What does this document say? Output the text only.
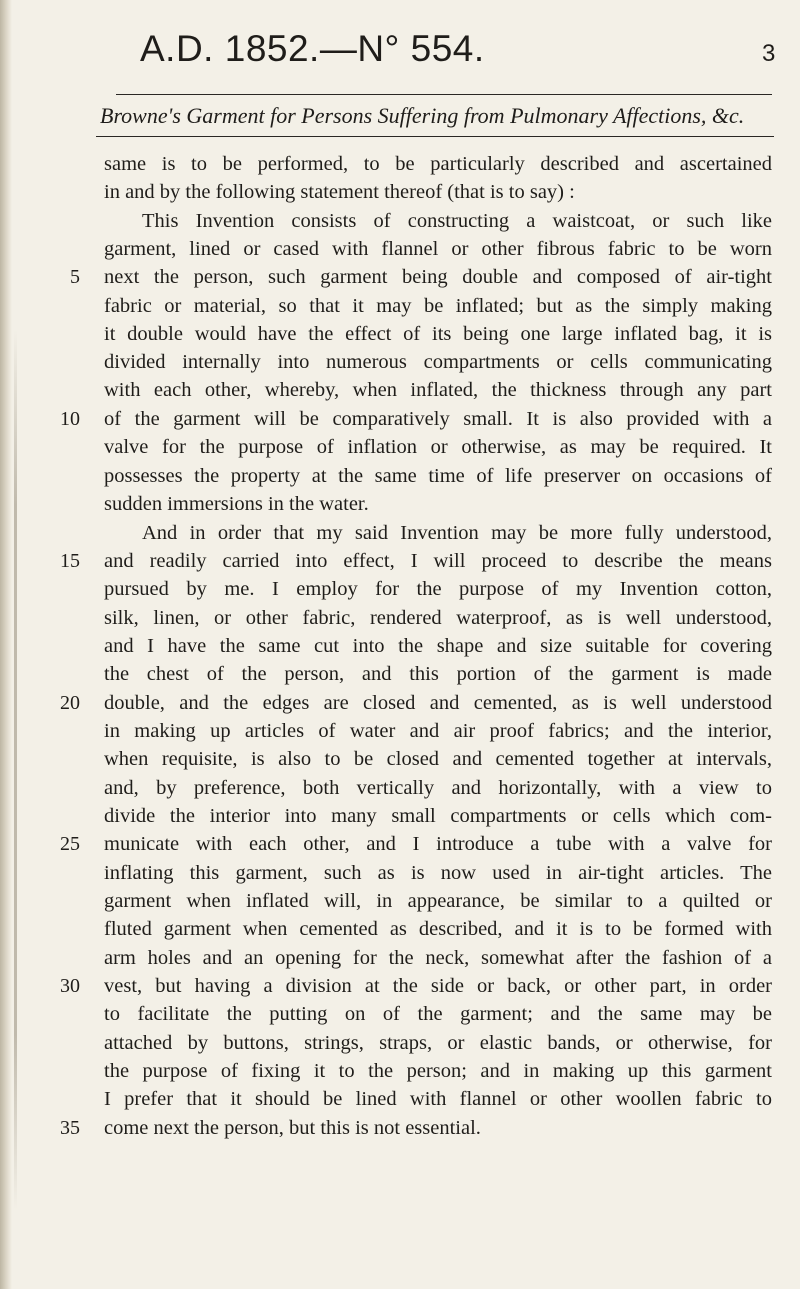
A.D. 1852.—N° 554.	3
Browne's Garment for Persons Suffering from Pulmonary Affections, &c.
same is to be performed, to be particularly described and ascertained
in and by the following statement thereof (that is to say) :
This Invention consists of constructing a waistcoat, or such like
garment, lined or cased with flannel or other fibrous fabric to be worn
next the person, such garment being double and composed of air-tight
fabric or material, so that it may be inflated; but as the simply making
it double would have the effect of its being one large inflated bag, it is
divided internally into numerous compartments or cells communicating
with each other, whereby, when inflated, the thickness through any part
of the garment will be comparatively small. It is also provided with a
valve for the purpose of inflation or otherwise, as may be required. It
possesses the property at the same time of life preserver on occasions of
sudden immersions in the water.
And in order that my said Invention may be more fully understood,
and readily carried into effect, I will proceed to describe the means
pursued by me. I employ for the purpose of my Invention cotton,
silk, linen, or other fabric, rendered waterproof, as is well understood,
and I have the same cut into the shape and size suitable for covering
the chest of the person, and this portion of the garment is made
double, and the edges are closed and cemented, as is well understood
in making up articles of water and air proof fabrics; and the interior,
when requisite, is also to be closed and cemented together at intervals,
and, by preference, both vertically and horizontally, with a view to
divide the interior into many small compartments or cells which com-
municate with each other, and I introduce a tube with a valve for
inflating this garment, such as is now used in air-tight articles. The
garment when inflated will, in appearance, be similar to a quilted or
fluted garment when cemented as described, and it is to be formed with
arm holes and an opening for the neck, somewhat after the fashion of a
vest, but having a division at the side or back, or other part, in order
to facilitate the putting on of the garment; and the same may be
attached by buttons, strings, straps, or elastic bands, or otherwise, for
the purpose of fixing it to the person; and in making up this garment
I prefer that it should be lined with flannel or other woollen fabric to
come next the person, but this is not essential.
5
10
15
20
25
30
35
